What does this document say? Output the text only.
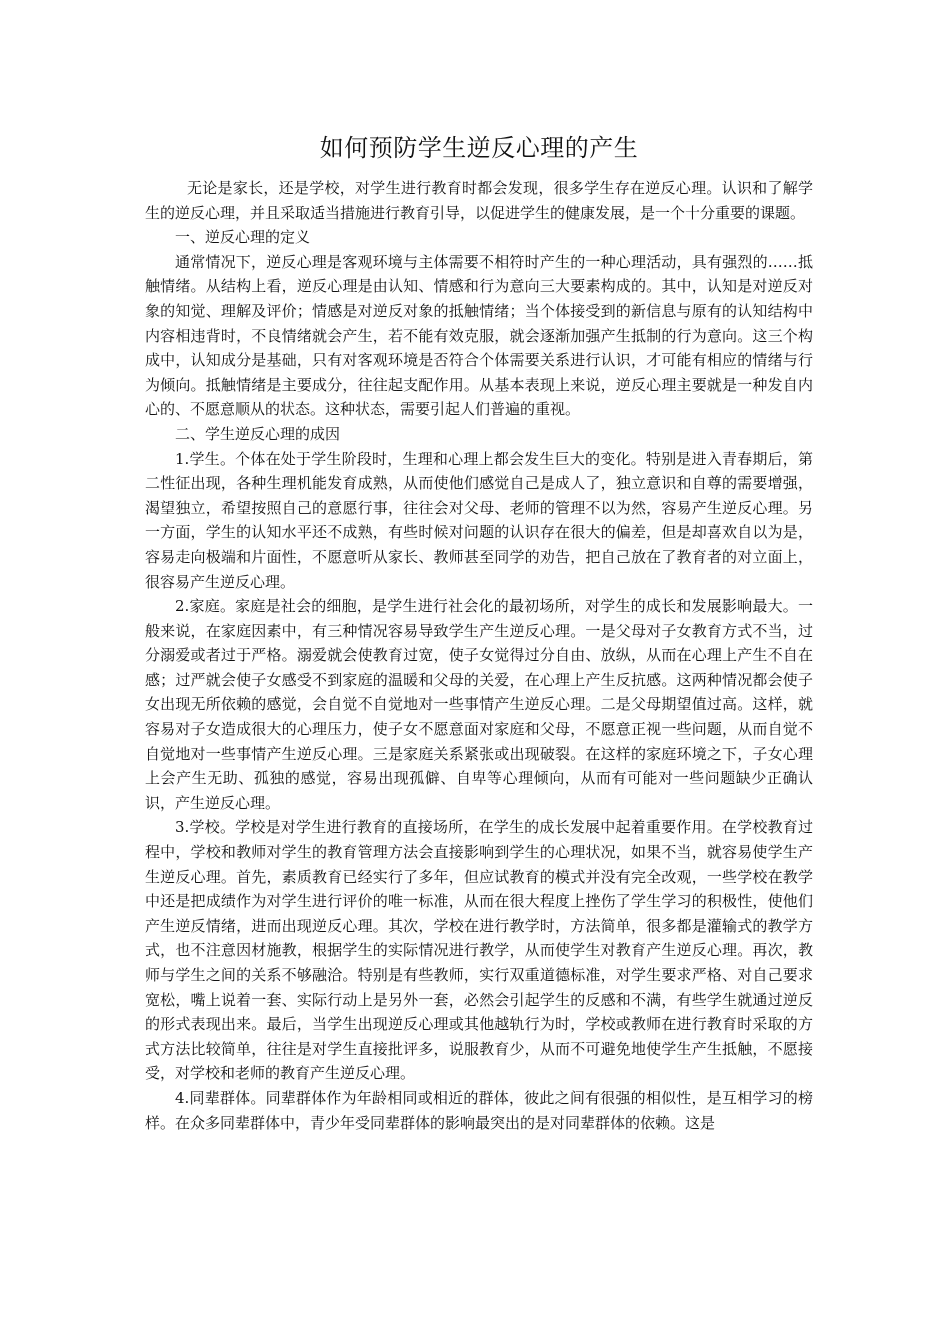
如何预防学生逆反心理的产生

无论是家长，还是学校，对学生进行教育时都会发现，很多学生存在逆反心理。认识和了解学生的逆反心理，并且采取适当措施进行教育引导，以促进学生的健康发展，是一个十分重要的课题。

一、逆反心理的定义

通常情况下，逆反心理是客观环境与主体需要不相符时产生的一种心理活动，具有强烈的……抵触情绪。从结构上看，逆反心理是由认知、情感和行为意向三大要素构成的。其中，认知是对逆反对象的知觉、理解及评价；情感是对逆反对象的抵触情绪；当个体接受到的新信息与原有的认知结构中内容相违背时，不良情绪就会产生，若不能有效克服，就会逐渐加强产生抵制的行为意向。这三个构成中，认知成分是基础，只有对客观环境是否符合个体需要关系进行认识，才可能有相应的情绪与行为倾向。抵触情绪是主要成分，往往起支配作用。从基本表现上来说，逆反心理主要就是一种发自内心的、不愿意顺从的状态。这种状态，需要引起人们普遍的重视。

二、学生逆反心理的成因

1.学生。个体在处于学生阶段时，生理和心理上都会发生巨大的变化。特别是进入青春期后，第二性征出现，各种生理机能发育成熟，从而使他们感觉自己是成人了，独立意识和自尊的需要增强，渴望独立，希望按照自己的意愿行事，往往会对父母、老师的管理不以为然，容易产生逆反心理。另一方面，学生的认知水平还不成熟，有些时候对问题的认识存在很大的偏差，但是却喜欢自以为是，容易走向极端和片面性，不愿意听从家长、教师甚至同学的劝告，把自己放在了教育者的对立面上，很容易产生逆反心理。

2.家庭。家庭是社会的细胞，是学生进行社会化的最初场所，对学生的成长和发展影响最大。一般来说，在家庭因素中，有三种情况容易导致学生产生逆反心理。一是父母对子女教育方式不当，过分溺爱或者过于严格。溺爱就会使教育过宽，使子女觉得过分自由、放纵，从而在心理上产生不自在感；过严就会使子女感受不到家庭的温暖和父母的关爱，在心理上产生反抗感。这两种情况都会使子女出现无所依赖的感觉，会自觉不自觉地对一些事情产生逆反心理。二是父母期望值过高。这样，就容易对子女造成很大的心理压力，使子女不愿意面对家庭和父母，不愿意正视一些问题，从而自觉不自觉地对一些事情产生逆反心理。三是家庭关系紧张或出现破裂。在这样的家庭环境之下，子女心理上会产生无助、孤独的感觉，容易出现孤僻、自卑等心理倾向，从而有可能对一些问题缺少正确认识，产生逆反心理。

3.学校。学校是对学生进行教育的直接场所，在学生的成长发展中起着重要作用。在学校教育过程中，学校和教师对学生的教育管理方法会直接影响到学生的心理状况，如果不当，就容易使学生产生逆反心理。首先，素质教育已经实行了多年，但应试教育的模式并没有完全改观，一些学校在教学中还是把成绩作为对学生进行评价的唯一标准，从而在很大程度上挫伤了学生学习的积极性，使他们产生逆反情绪，进而出现逆反心理。其次，学校在进行教学时，方法简单，很多都是灌输式的教学方式，也不注意因材施教，根据学生的实际情况进行教学，从而使学生对教育产生逆反心理。再次，教师与学生之间的关系不够融洽。特别是有些教师，实行双重道德标准，对学生要求严格、对自己要求宽松，嘴上说着一套、实际行动上是另外一套，必然会引起学生的反感和不满，有些学生就通过逆反的形式表现出来。最后，当学生出现逆反心理或其他越轨行为时，学校或教师在进行教育时采取的方式方法比较简单，往往是对学生直接批评多，说服教育少，从而不可避免地使学生产生抵触，不愿接受，对学校和老师的教育产生逆反心理。

4.同辈群体。同辈群体作为年龄相同或相近的群体，彼此之间有很强的相似性，是互相学习的榜样。在众多同辈群体中，青少年受同辈群体的影响最突出的是对同辈群体的依赖。这是
